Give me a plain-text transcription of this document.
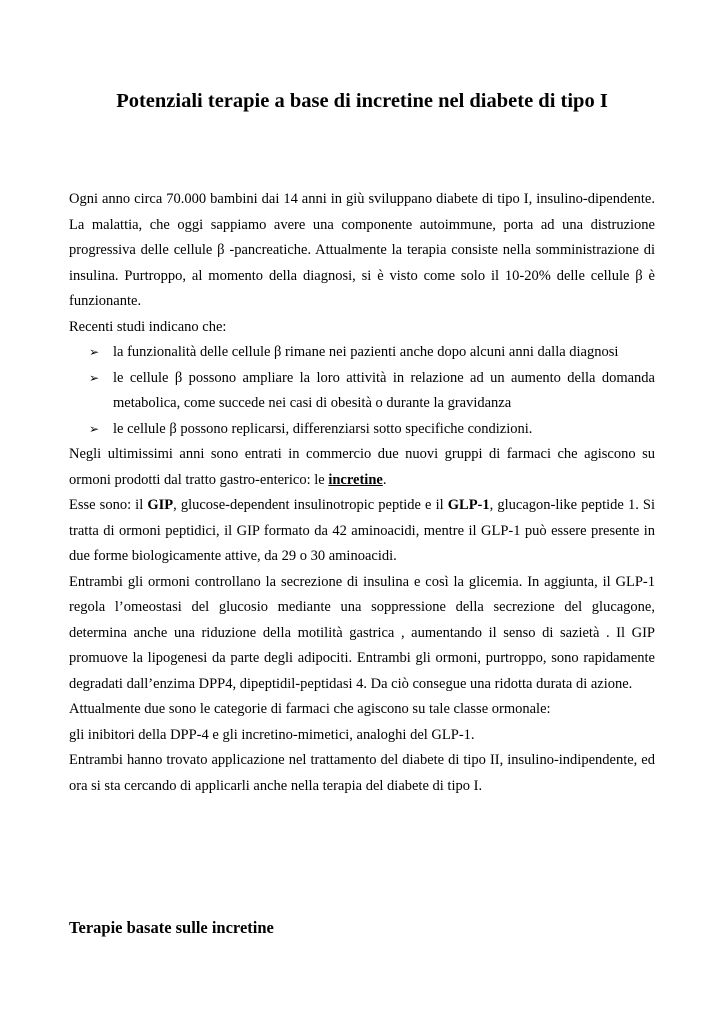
Potenziali terapie a base di incretine nel diabete di tipo I

Ogni anno circa 70.000 bambini dai 14 anni in giù sviluppano diabete di tipo I, insulino-dipendente. La malattia, che oggi sappiamo avere una componente autoimmune, porta ad una distruzione progressiva delle cellule β -pancreatiche. Attualmente la terapia consiste nella somministrazione di insulina. Purtroppo, al momento della diagnosi, si è visto come solo il 10-20% delle cellule β è funzionante.

Recenti studi indicano che:

➢ la funzionalità delle cellule β rimane nei pazienti anche dopo alcuni anni dalla diagnosi
➢ le cellule β possono ampliare la loro attività in relazione ad un aumento della domanda metabolica, come succede nei casi di obesità o durante la gravidanza
➢ le cellule β possono replicarsi, differenziarsi sotto specifiche condizioni.

Negli ultimissimi anni sono entrati in commercio due nuovi gruppi di farmaci che agiscono su ormoni prodotti dal tratto gastro-enterico: le incretine.

Esse sono: il GIP, glucose-dependent insulinotropic peptide e il GLP-1, glucagon-like peptide 1. Si tratta di ormoni peptidici, il GIP formato da 42 aminoacidi, mentre il GLP-1 può essere presente in due forme biologicamente attive, da 29 o 30 aminoacidi.

Entrambi gli ormoni controllano la secrezione di insulina e così la glicemia. In aggiunta, il GLP-1 regola l’omeostasi del glucosio mediante una soppressione della secrezione del glucagone, determina anche una riduzione della motilità gastrica , aumentando il senso di sazietà . Il GIP promuove la lipogenesi da parte degli adipociti. Entrambi gli ormoni, purtroppo, sono rapidamente degradati dall’enzima DPP4, dipeptidil-peptidasi 4. Da ciò consegue una ridotta durata di azione.

Attualmente due sono le categorie di farmaci che agiscono su tale classe ormonale:

gli inibitori della DPP-4 e gli incretino-mimetici, analoghi del GLP-1.

Entrambi hanno trovato applicazione nel trattamento del diabete di tipo II, insulino-indipendente, ed ora si sta cercando di applicarli anche nella terapia del diabete di tipo I.

Terapie basate sulle incretine
